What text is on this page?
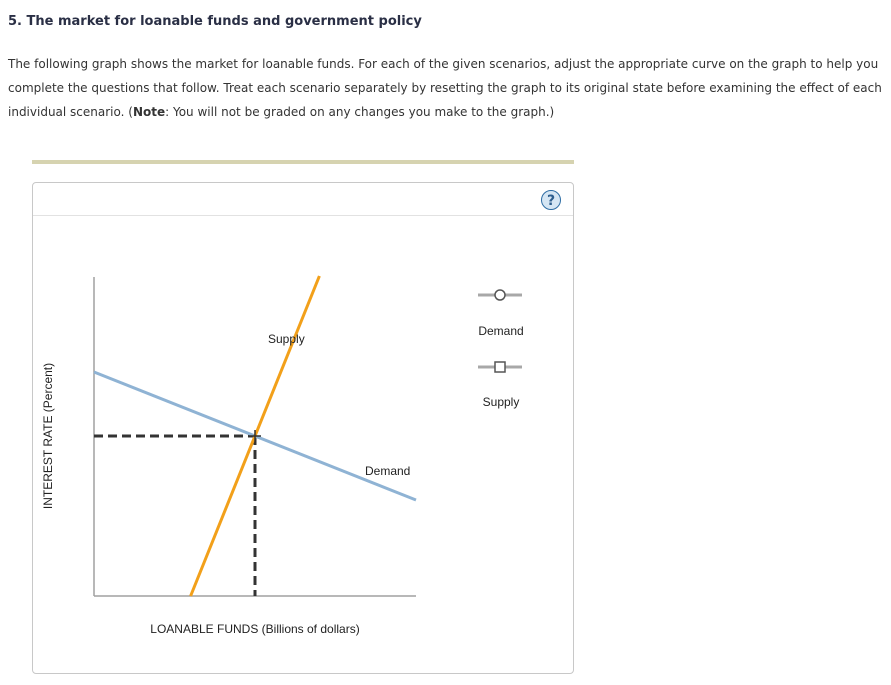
5. The market for loanable funds and government policy
The following graph shows the market for loanable funds. For each of the given scenarios, adjust the appropriate curve on the graph to help you complete the questions that follow. Treat each scenario separately by resetting the graph to its original state before examining the effect of each individual scenario. (Note: You will not be graded on any changes you make to the graph.)
?
Supply
Demand
LOANABLE FUNDS (Billions of dollars)
INTEREST RATE (Percent)
Demand
Supply
